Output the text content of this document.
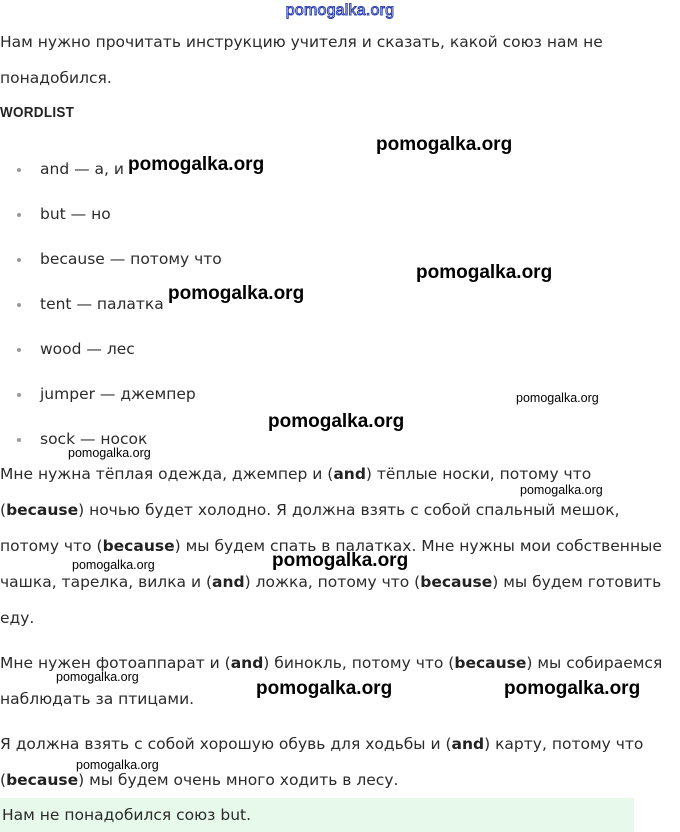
pomogalka.org

Нам нужно прочитать инструкцию учителя и сказать, какой союз нам не понадобился.

WORDLIST
and — а, и
but — но
because — потому что
tent — палатка
wood — лес
jumper — джемпер
sock — носок

Мне нужна тёплая одежда, джемпер и (and) тёплые носки, потому что (because) ночью будет холодно. Я должна взять с собой спальный мешок, потому что (because) мы будем спать в палатках. Мне нужны мои собственные чашка, тарелка, вилка и (and) ложка, потому что (because) мы будем готовить еду.

Мне нужен фотоаппарат и (and) бинокль, потому что (because) мы собираемся наблюдать за птицами.

Я должна взять с собой хорошую обувь для ходьбы и (and) карту, потому что (because) мы будем очень много ходить в лесу.

Нам не понадобился союз but.
pomogalka.org
pomogalka.org
pomogalka.org
pomogalka.org
pomogalka.org
pomogalka.org
pomogalka.org
pomogalka.org
pomogalka.org
pomogalka.org
pomogalka.org
pomogalka.org	pomogalka.org
pomogalka.org
